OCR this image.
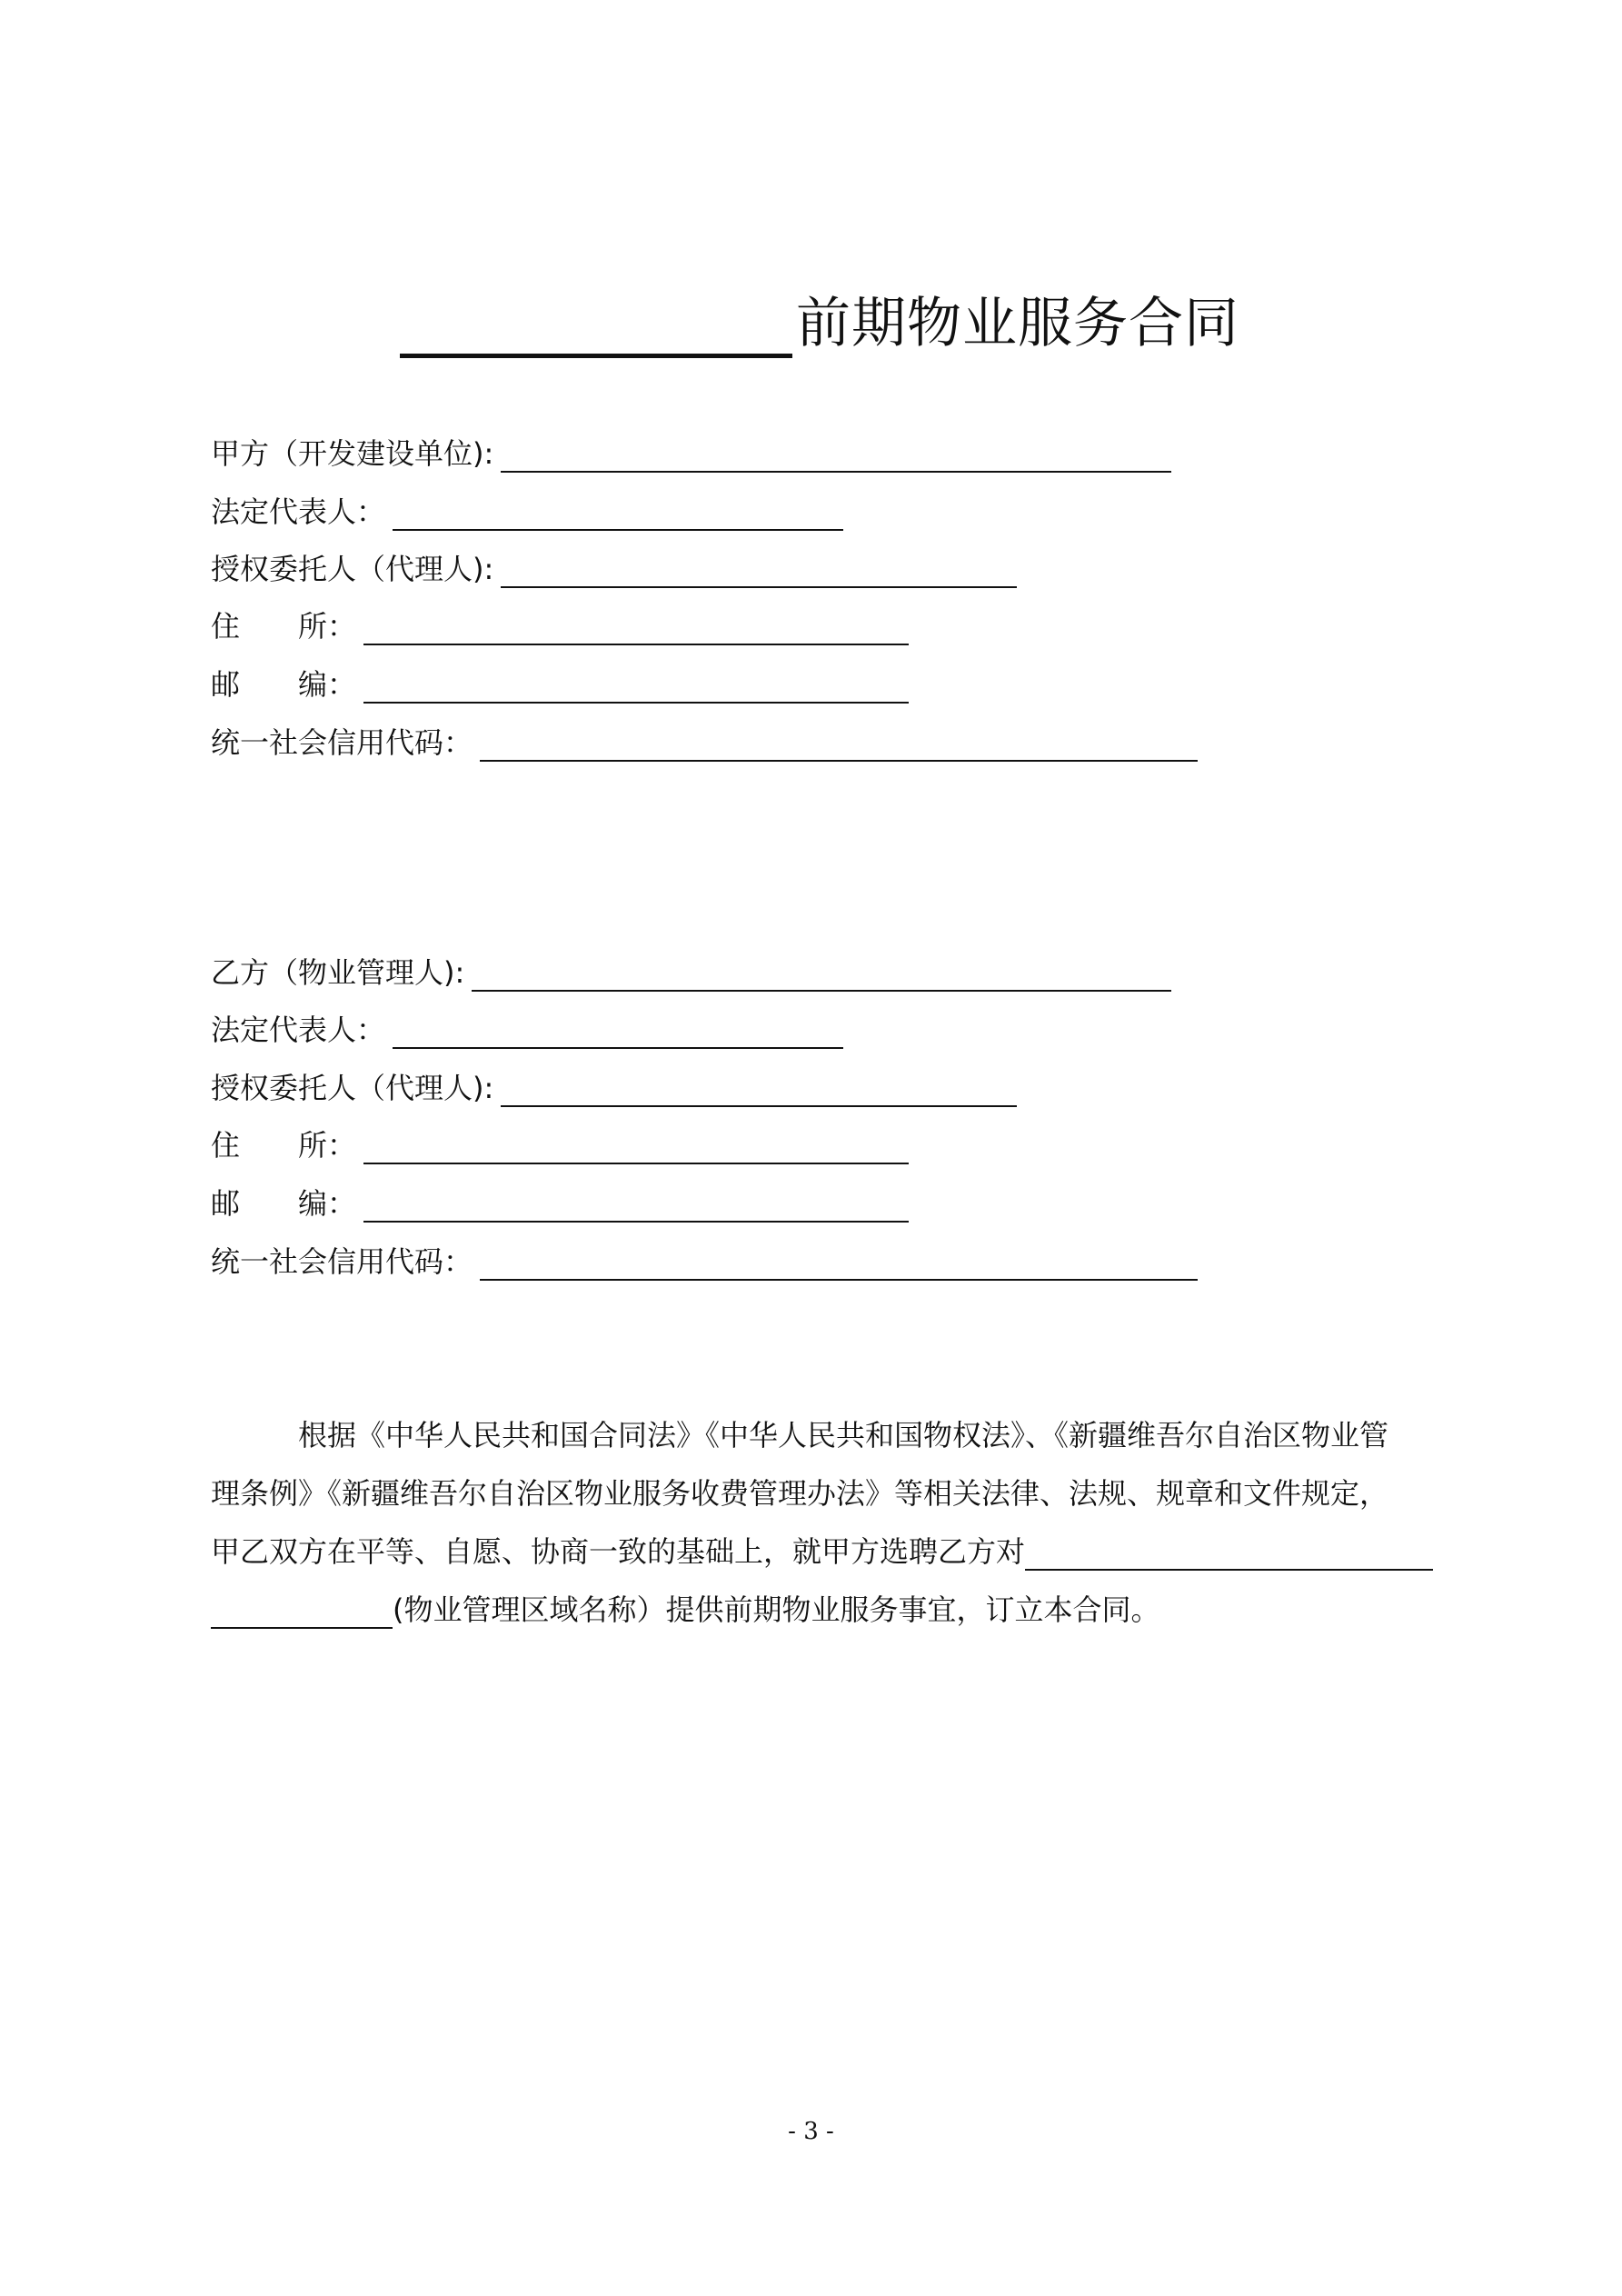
前期物业服务合同
甲方（开发建设单位):
法定代表人：
授权委托人（代理人):
住　　所：
邮　　编：
统一社会信用代码：
乙方（物业管理人):
法定代表人：
授权委托人（代理人):
住　　所：
邮　　编：
统一社会信用代码：
根据《中华人民共和国合同法》《中华人民共和国物权法》、《新疆维吾尔自治区物业管
理条例》《新疆维吾尔自治区物业服务收费管理办法》等相关法律、法规、规章和文件规定，
甲乙双方在平等、自愿、协商一致的基础上，就甲方选聘乙方对
(物业管理区域名称）提供前期物业服务事宜，订立本合同。
- 3 -
